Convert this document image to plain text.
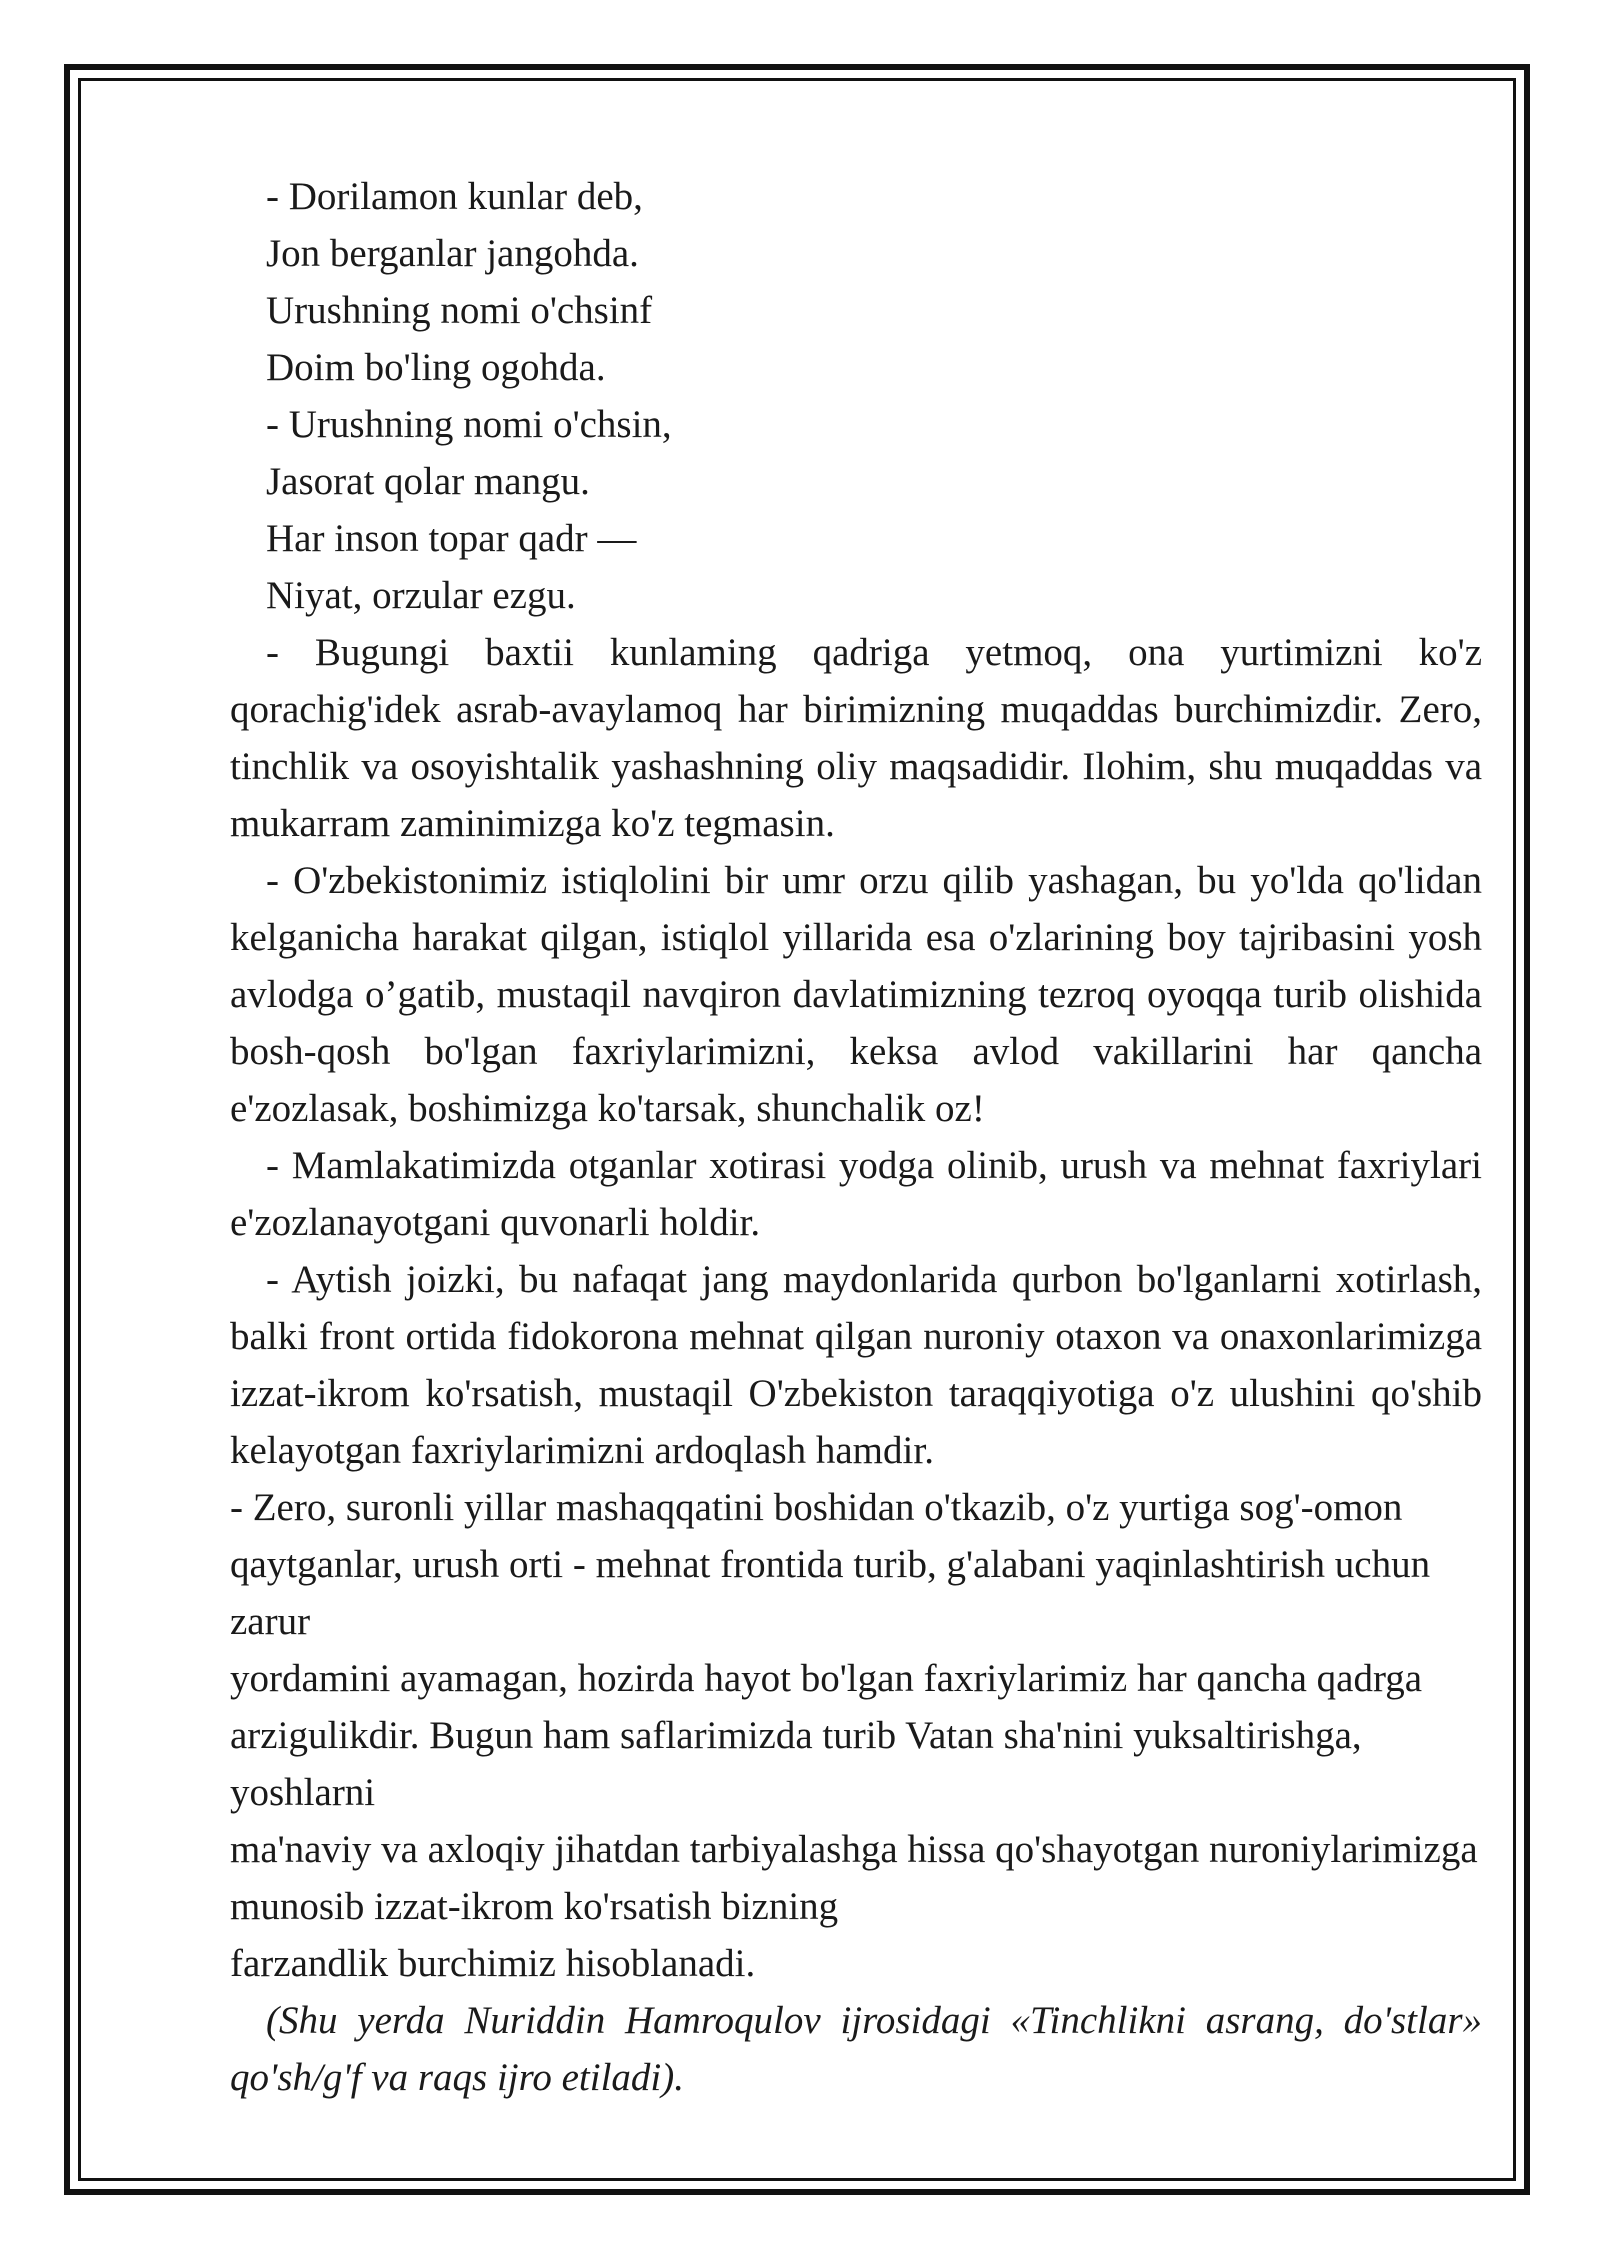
- Dorilamon kunlar deb,
Jon berganlar jangohda.
Urushning nomi o'chsinf
Doim bo'ling ogohda.
- Urushning nomi o'chsin,
Jasorat qolar mangu.
Har inson topar qadr —
Niyat, orzular ezgu.

- Bugungi baxtii kunlaming qadriga yetmoq, ona yurtimizni ko'z qorachig'idek asrab-avaylamoq har birimizning muqaddas burchimizdir. Zero, tinchlik va osoyishtalik yashashning oliy maqsadidir. Ilohim, shu muqaddas va mukarram zaminimizga ko'z tegmasin.

- O'zbekistonimiz istiqlolini bir umr orzu qilib yashagan, bu yo'lda qo'lidan kelganicha harakat qilgan, istiqlol yillarida esa o'zlarining boy tajribasini yosh avlodga o’gatib, mustaqil navqiron davlatimizning tezroq oyoqqa turib olishida bosh-qosh bo'lgan faxriylarimizni, keksa avlod vakillarini har qancha e'zozlasak, boshimizga ko'tarsak, shunchalik oz!

- Mamlakatimizda otganlar xotirasi yodga olinib, urush va mehnat faxriylari e'zozlanayotgani quvonarli holdir.

- Aytish joizki, bu nafaqat jang maydonlarida qurbon bo'lganlarni xotirlash, balki front ortida fidokorona mehnat qilgan nuroniy otaxon va onaxonlarimizga izzat-ikrom ko'rsatish, mustaqil O'zbekiston taraqqiyotiga o'z ulushini qo'shib kelayotgan faxriylarimizni ardoqlash hamdir.

- Zero, suronli yillar mashaqqatini boshidan o'tkazib, o'z yurtiga sog'-omon

qaytganlar, urush orti - mehnat frontida turib, g'alabani yaqinlashtirish uchun zarur

yordamini ayamagan, hozirda hayot bo'lgan faxriylarimiz har qancha qadrga

arzigulikdir. Bugun ham saflarimizda turib Vatan sha'nini yuksaltirishga, yoshlarni

ma'naviy va axloqiy jihatdan tarbiyalashga hissa qo'shayotgan nuroniylarimizga

munosib izzat-ikrom ko'rsatish bizning

farzandlik burchimiz hisoblanadi.

(Shu yerda Nuriddin Hamroqulov ijrosidagi «Tinchlikni asrang, do'stlar» qo'sh/g'f va raqs ijro etiladi).
